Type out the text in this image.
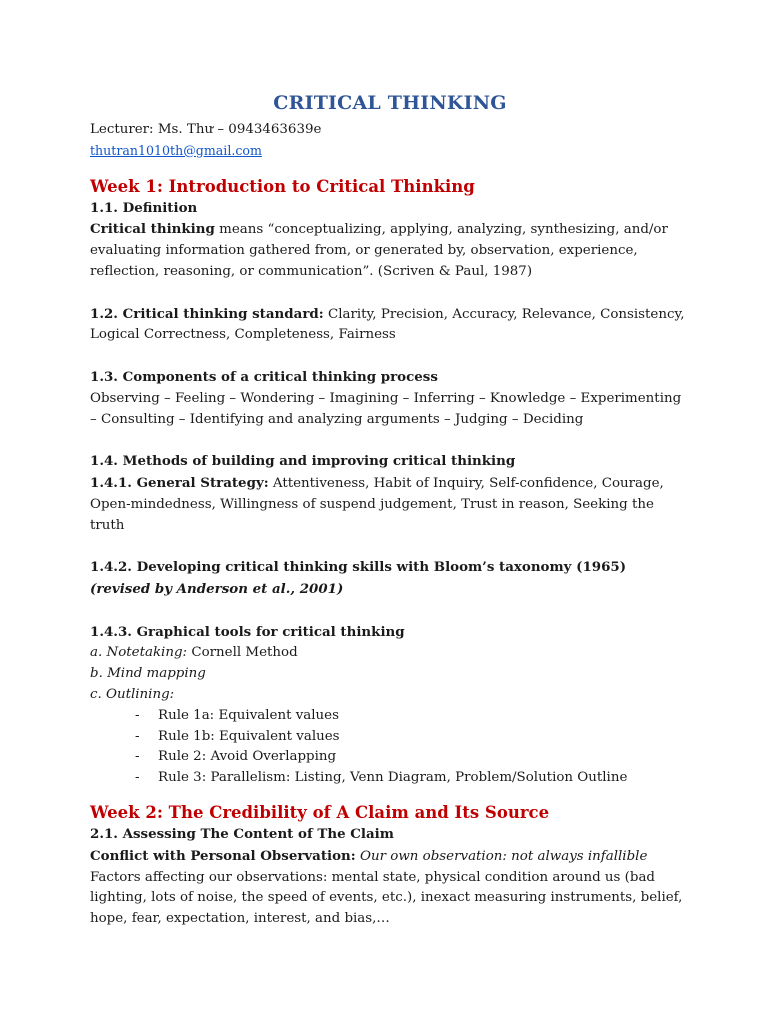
CRITICAL THINKING

Lecturer: Ms. Thư – 0943463639e

thutran1010th@gmail.com

Week 1: Introduction to Critical Thinking

1.1. Definition

Critical thinking means “conceptualizing, applying, analyzing, synthesizing, and/or evaluating information gathered from, or generated by, observation, experience, reflection, reasoning, or communication”. (Scriven & Paul, 1987)

1.2. Critical thinking standard: Clarity, Precision, Accuracy, Relevance, Consistency, Logical Correctness, Completeness, Fairness

1.3. Components of a critical thinking process

Observing – Feeling – Wondering – Imagining – Inferring – Knowledge – Experimenting – Consulting – Identifying and analyzing arguments – Judging – Deciding

1.4. Methods of building and improving critical thinking

1.4.1. General Strategy: Attentiveness, Habit of Inquiry, Self-confidence, Courage, Open-mindedness, Willingness of suspend judgement, Trust in reason, Seeking the truth

1.4.2. Developing critical thinking skills with Bloom’s taxonomy (1965) (revised by Anderson et al., 2001)

1.4.3. Graphical tools for critical thinking

a. Notetaking: Cornell Method

b. Mind mapping

c. Outlining:

- Rule 1a: Equivalent values
- Rule 1b: Equivalent values
- Rule 2: Avoid Overlapping
- Rule 3: Parallelism: Listing, Venn Diagram, Problem/Solution Outline
Week 2: The Credibility of A Claim and Its Source

2.1. Assessing The Content of The Claim

Conflict with Personal Observation: Our own observation: not always infallible

Factors affecting our observations: mental state, physical condition around us (bad lighting, lots of noise, the speed of events, etc.), inexact measuring instruments, belief, hope, fear, expectation, interest, and bias,…
